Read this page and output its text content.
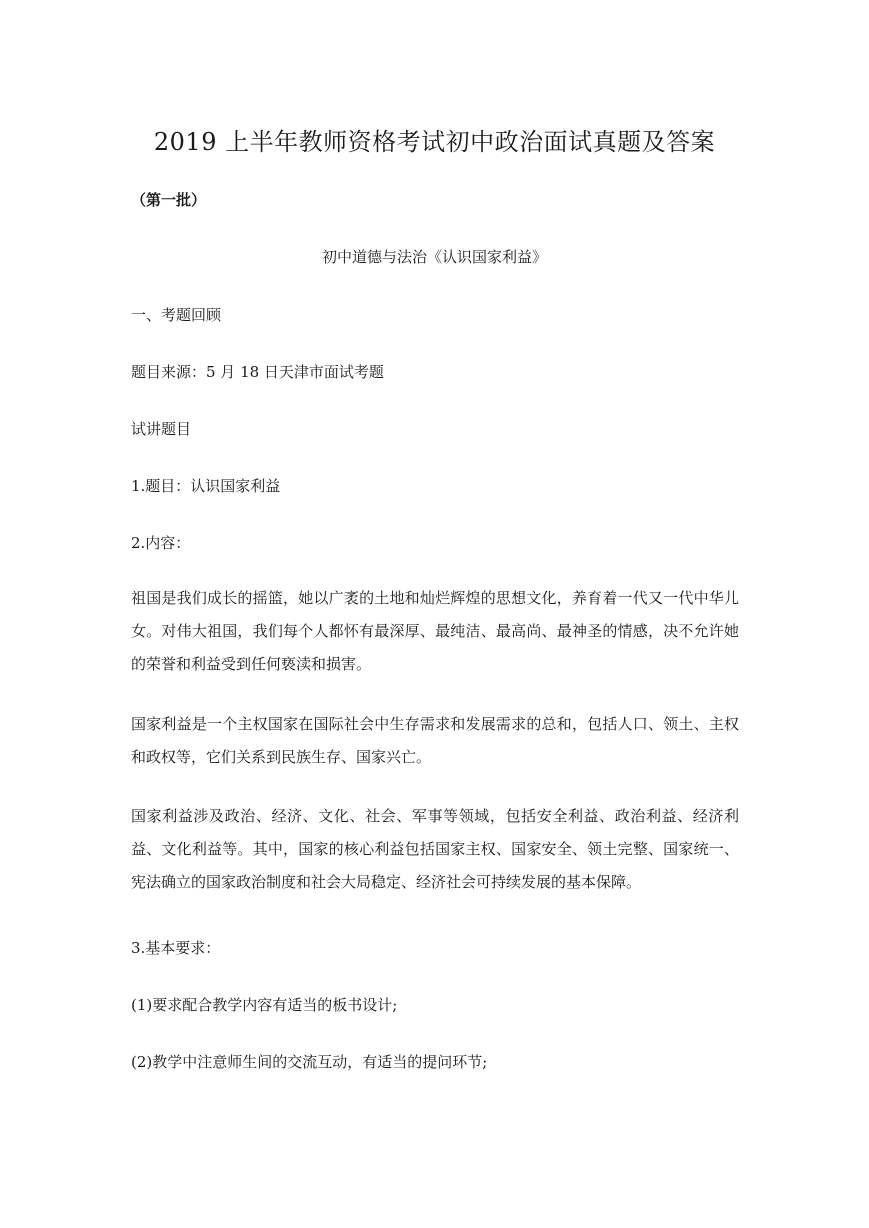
2019 上半年教师资格考试初中政治面试真题及答案
（第一批）
初中道德与法治《认识国家利益》
一、考题回顾
题目来源：5 月 18 日天津市面试考题
试讲题目
1.题目：认识国家利益
2.内容：
祖国是我们成长的摇篮，她以广袤的土地和灿烂辉煌的思想文化，养育着一代又一代中华儿女。对伟大祖国，我们每个人都怀有最深厚、最纯洁、最高尚、最神圣的情感，决不允许她的荣誉和利益受到任何亵渎和损害。
国家利益是一个主权国家在国际社会中生存需求和发展需求的总和，包括人口、领土、主权和政权等，它们关系到民族生存、国家兴亡。
国家利益涉及政治、经济、文化、社会、军事等领域，包括安全利益、政治利益、经济利益、文化利益等。其中，国家的核心利益包括国家主权、国家安全、领土完整、国家统一、宪法确立的国家政治制度和社会大局稳定、经济社会可持续发展的基本保障。
3.基本要求：
(1)要求配合教学内容有适当的板书设计;
(2)教学中注意师生间的交流互动，有适当的提问环节;
